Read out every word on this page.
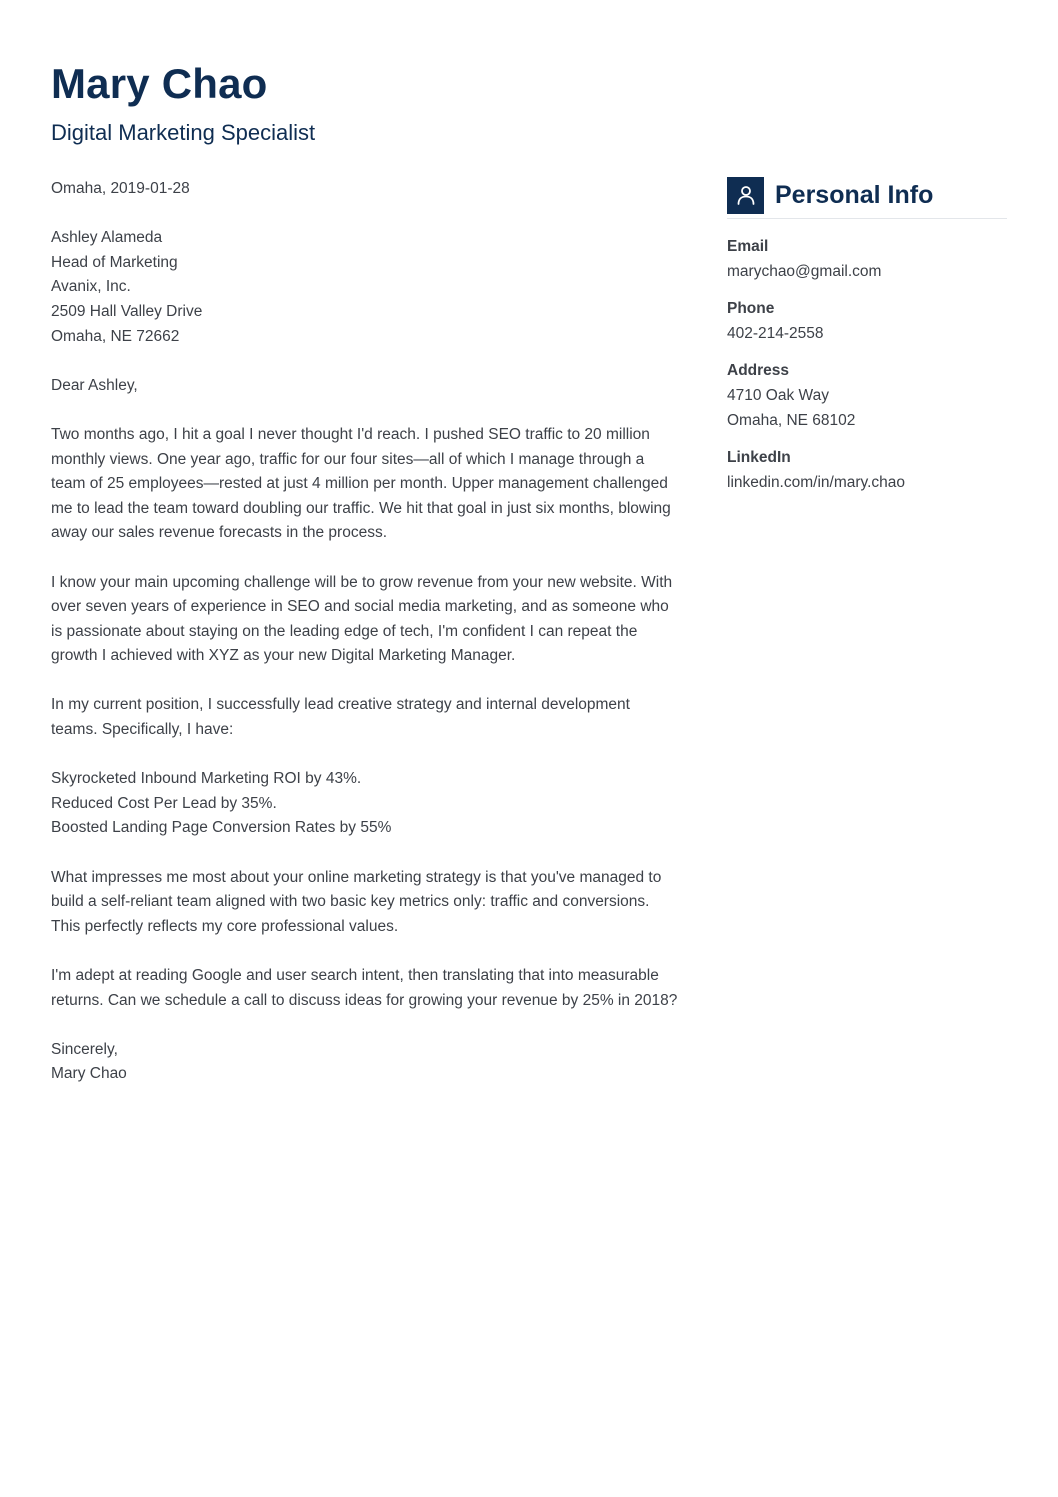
Mary Chao
Digital Marketing Specialist

Omaha, 2019-01-28

Ashley Alameda
Head of Marketing
Avanix, Inc.
2509 Hall Valley Drive
Omaha, NE 72662

Dear Ashley,

Two months ago, I hit a goal I never thought I'd reach. I pushed SEO traffic to 20 million
monthly views. One year ago, traffic for our four sites—all of which I manage through a
team of 25 employees—rested at just 4 million per month. Upper management challenged
me to lead the team toward doubling our traffic. We hit that goal in just six months, blowing
away our sales revenue forecasts in the process.

I know your main upcoming challenge will be to grow revenue from your new website. With
over seven years of experience in SEO and social media marketing, and as someone who
is passionate about staying on the leading edge of tech, I'm confident I can repeat the
growth I achieved with XYZ as your new Digital Marketing Manager.

In my current position, I successfully lead creative strategy and internal development
teams. Specifically, I have:

Skyrocketed Inbound Marketing ROI by 43%.
Reduced Cost Per Lead by 35%.
Boosted Landing Page Conversion Rates by 55%

What impresses me most about your online marketing strategy is that you've managed to
build a self-reliant team aligned with two basic key metrics only: traffic and conversions.
This perfectly reflects my core professional values.

I'm adept at reading Google and user search intent, then translating that into measurable
returns. Can we schedule a call to discuss ideas for growing your revenue by 25% in 2018?

Sincerely,
Mary Chao

Personal Info
Email
marychao@gmail.com
Phone
402-214-2558
Address
4710 Oak Way
Omaha, NE 68102
LinkedIn
linkedin.com/in/mary.chao
